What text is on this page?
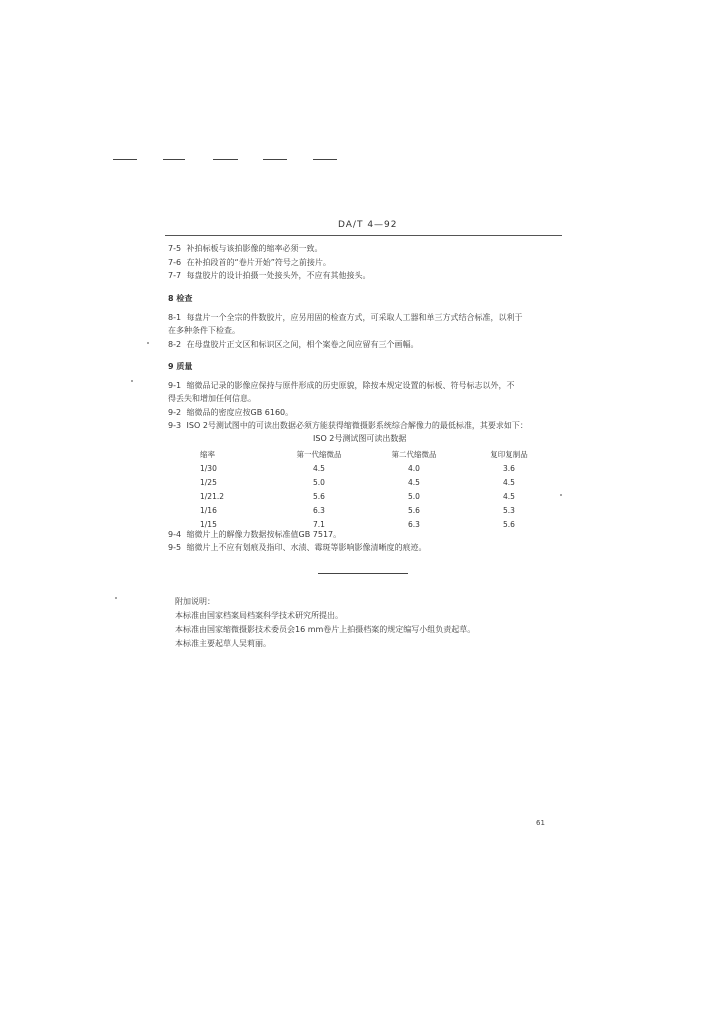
DA/T 4—92
7-5 补拍标板与该拍影像的缩率必须一致。
7-6 在补拍段首的“卷片开始”符号之前接片。
7-7 每盘胶片的设计拍摄一处接头外，不应有其他接头。
8 检查
8-1 每盘片一个全宗的件数胶片，应另用固的检查方式，可采取人工器和单三方式结合标准，以利于
在多种条件下检查。
8-2 在母盘胶片正文区和标识区之间，相个案卷之间应留有三个画幅。
9 质量
9-1 缩微品记录的影像应保持与原件形成的历史原貌，除按本规定设置的标板、符号标志以外，不
得丢失和增加任何信息。
9-2 缩微品的密度应按GB 6160。
9-3 ISO 2号测试图中的可读出数据必须方能获得缩微摄影系统综合解像力的最低标准，其要求如下：
ISO 2号测试图可读出数据
缩率	第一代缩微品	第二代缩微品	复印复制品
1/30	4.5	4.0	3.6
1/25	5.0	4.5	4.5
1/21.2	5.6	5.0	4.5
1/16	6.3	5.6	5.3
1/15	7.1	6.3	5.6
9-4 缩微片上的解像力数据按标准值GB 7517。
9-5 缩微片上不应有划痕及指印、水渍、霉斑等影响影像清晰度的痕迹。
附加说明：
本标准由国家档案局档案科学技术研究所提出。
本标准由国家缩微摄影技术委员会16 mm卷片上拍摄档案的规定编写小组负责起草。
本标准主要起草人吴莉丽。
61
